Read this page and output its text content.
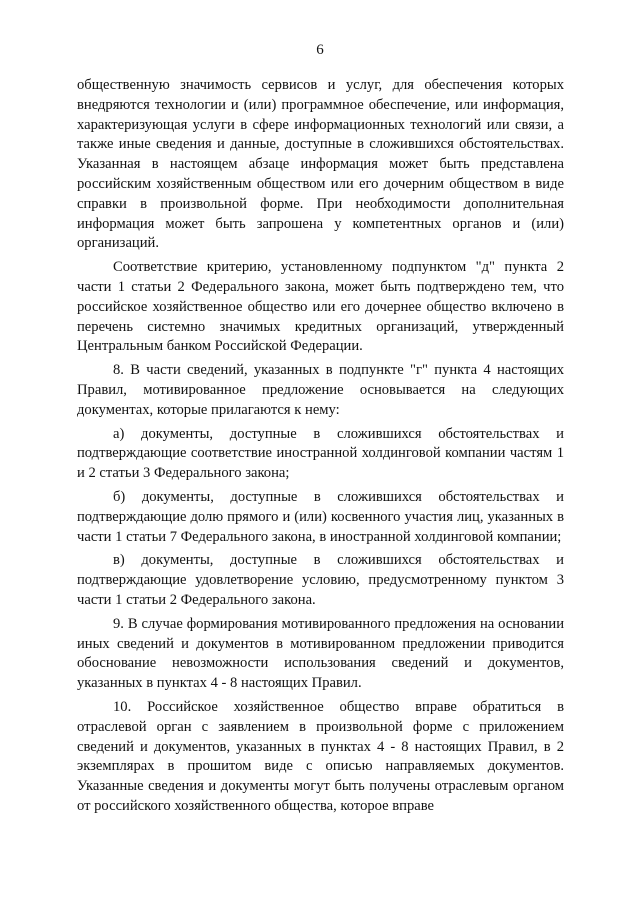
6

общественную значимость сервисов и услуг, для обеспечения которых внедряются технологии и (или) программное обеспечение, или информация, характеризующая услуги в сфере информационных технологий или связи, а также иные сведения и данные, доступные в сложившихся обстоятельствах. Указанная в настоящем абзаце информация может быть представлена российским хозяйственным обществом или его дочерним обществом в виде справки в произвольной форме. При необходимости дополнительная информация может быть запрошена у компетентных органов и (или) организаций.

Соответствие критерию, установленному подпунктом "д" пункта 2 части 1 статьи 2 Федерального закона, может быть подтверждено тем, что российское хозяйственное общество или его дочернее общество включено в перечень системно значимых кредитных организаций, утвержденный Центральным банком Российской Федерации.

8. В части сведений, указанных в подпункте "г" пункта 4 настоящих Правил, мотивированное предложение основывается на следующих документах, которые прилагаются к нему:

а) документы, доступные в сложившихся обстоятельствах и подтверждающие соответствие иностранной холдинговой компании частям 1 и 2 статьи 3 Федерального закона;

б) документы, доступные в сложившихся обстоятельствах и подтверждающие долю прямого и (или) косвенного участия лиц, указанных в части 1 статьи 7 Федерального закона, в иностранной холдинговой компании;

в) документы, доступные в сложившихся обстоятельствах и подтверждающие удовлетворение условию, предусмотренному пунктом 3 части 1 статьи 2 Федерального закона.

9. В случае формирования мотивированного предложения на основании иных сведений и документов в мотивированном предложении приводится обоснование невозможности использования сведений и документов, указанных в пунктах 4 - 8 настоящих Правил.

10. Российское хозяйственное общество вправе обратиться в отраслевой орган с заявлением в произвольной форме с приложением сведений и документов, указанных в пунктах 4 - 8 настоящих Правил, в 2 экземплярах в прошитом виде с описью направляемых документов. Указанные сведения и документы могут быть получены отраслевым органом от российского хозяйственного общества, которое вправе
